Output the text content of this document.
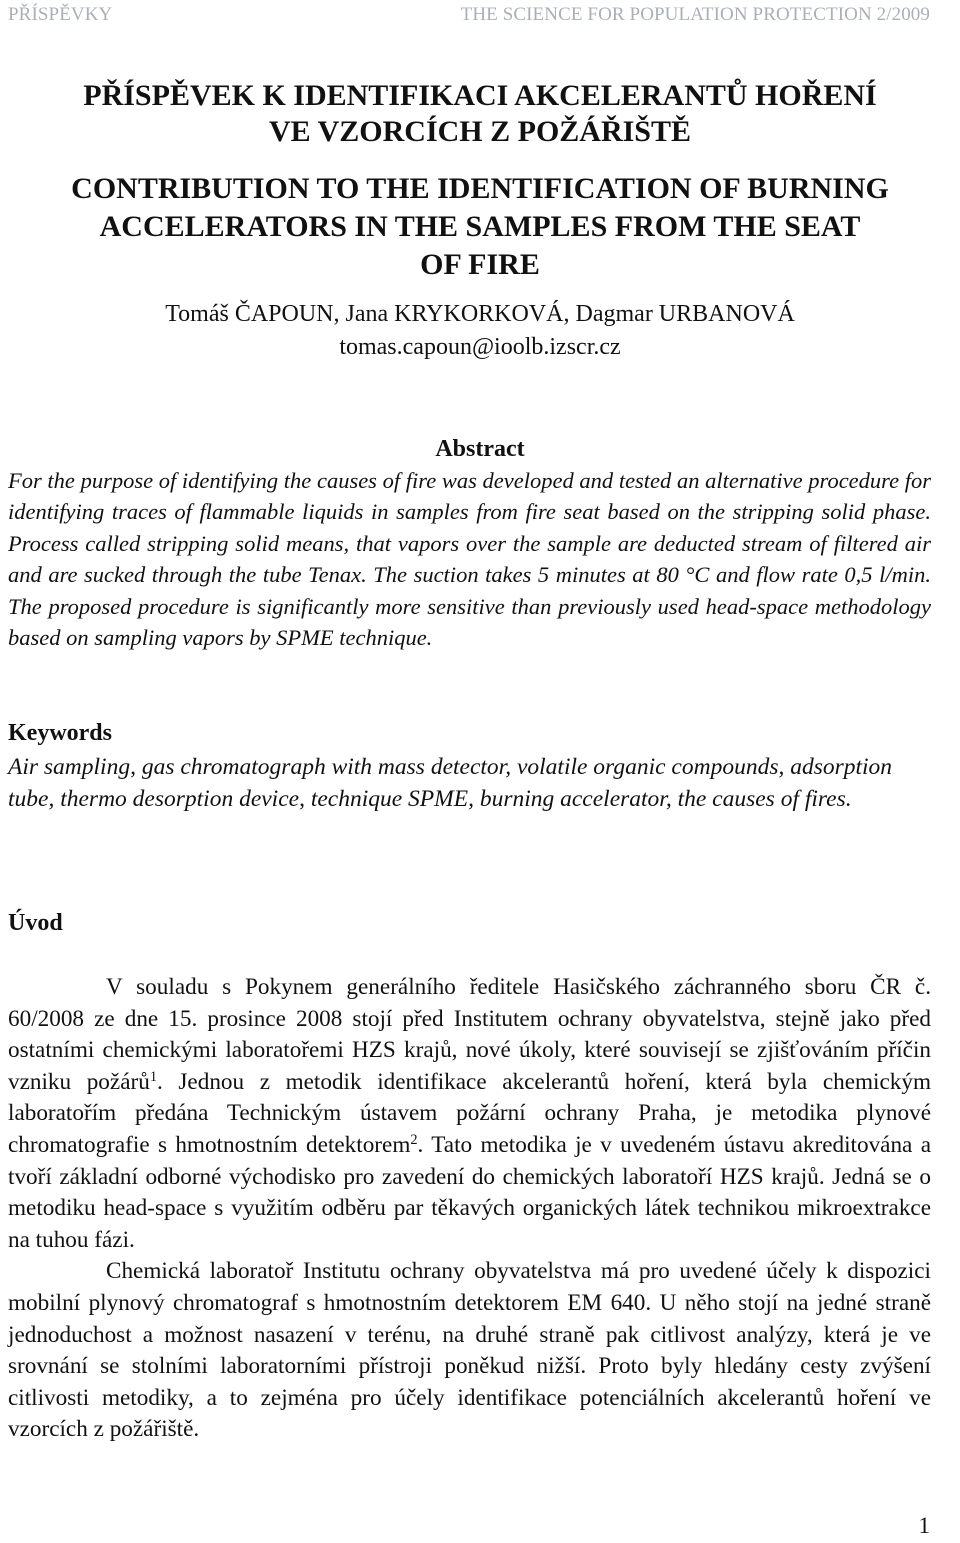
PŘÍSPĚVKY	THE SCIENCE FOR POPULATION PROTECTION 2/2009
PŘÍSPĚVEK K IDENTIFIKACI AKCELERANTŮ HOŘENÍ
VE VZORCÍCH Z POŽÁŘIŠTĚ
CONTRIBUTION TO THE IDENTIFICATION OF BURNING
ACCELERATORS IN THE SAMPLES FROM THE SEAT
OF FIRE
Tomáš ČAPOUN, Jana KRYKORKOVÁ, Dagmar URBANOVÁ
tomas.capoun@ioolb.izscr.cz
Abstract
For the purpose of identifying the causes of fire was developed and tested an alternative procedure for identifying traces of flammable liquids in samples from fire seat based on the stripping solid phase. Process called stripping solid means, that vapors over the sample are deducted stream of filtered air and are sucked through the tube Tenax. The suction takes 5 minutes at 80 °C and flow rate 0,5 l/min. The proposed procedure is significantly more sensitive than previously used head-space methodology based on sampling vapors by SPME technique.
Keywords
Air sampling, gas chromatograph with mass detector, volatile organic compounds, adsorption tube, thermo desorption device, technique SPME, burning accelerator, the causes of fires.
Úvod

V souladu s Pokynem generálního ředitele Hasičského záchranného sboru ČR č. 60/2008 ze dne 15. prosince 2008 stojí před Institutem ochrany obyvatelstva, stejně jako před ostatními chemickými laboratořemi HZS krajů, nové úkoly, které souvisejí se zjišťováním příčin vzniku požárů$^1$. Jednou z metodik identifikace akcelerantů hoření, která byla chemickým laboratořím předána Technickým ústavem požární ochrany Praha, je metodika plynové chromatografie s hmotnostním detektorem$^2$. Tato metodika je v uvedeném ústavu akreditována a tvoří základní odborné východisko pro zavedení do chemických laboratoří HZS krajů. Jedná se o metodiku head-space s využitím odběru par těkavých organických látek technikou mikroextrakce na tuhou fázi.

Chemická laboratoř Institutu ochrany obyvatelstva má pro uvedené účely k dispozici mobilní plynový chromatograf s hmotnostním detektorem EM 640. U něho stojí na jedné straně jednoduchost a možnost nasazení v terénu, na druhé straně pak citlivost analýzy, která je ve srovnání se stolními laboratorními přístroji poněkud nižší. Proto byly hledány cesty zvýšení citlivosti metodiky, a to zejména pro účely identifikace potenciálních akcelerantů hoření ve vzorcích z požářiště.

1
